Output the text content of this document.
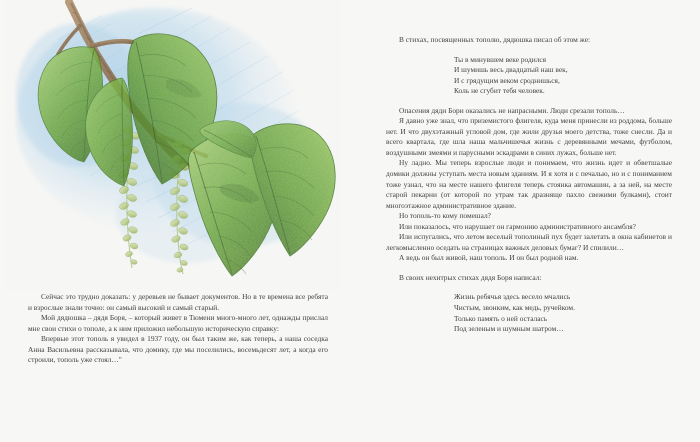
Сейчас это трудно доказать: у деревьев не бывает документов. Но в те времена все ребята и взрослые знали точно: он самый высокий и самый старый.

Мой дядюшка – дядя Боря, – который живет в Тюмени много-много лет, однажды прислал мне свои стихи о тополе, а к ним приложил небольшую историческую справку:

Впервые этот тополь я увидел в 1937 году, он был таким же, как теперь, а наша соседка Анна Васильевна рассказывала, что домику, где мы поселились, восемьдесят лет, а когда его строили, тополь уже стоял…"

В стихах, посвященных тополю, дядюшка писал об этом же:

Ты в минувшем веке родился
И шумишь весь двадцатый наш век,
И с грядущим веком сроднишься,
Коль не сгубит тебя человек.

Опасения дяди Бори оказались не напрасными. Люди срезали тополь…

Я давно уже знал, что приземистого флигеля, куда меня принесли из роддома, больше нет. И что двухэтажный угловой дом, где жили друзья моего детства, тоже снесли. Да и всего квартала, где шла наша мальчишечья жизнь с деревянными мечами, футболом, воздушными змеями и парусными эскадрами в синих лужах, больше нет.

Ну ладно. Мы теперь взрослые люди и понимаем, что жизнь идет и обветшалые домики должны уступать места новым зданиям. И я хотя и с печалью, но и с пониманием тоже узнал, что на месте нашего флигеля теперь стоянка автомашин, а за ней, на месте старой пекарни (от которой по утрам так дразняще пахло свежими булками), стоит многоэтажное административное здание.

Но тополь-то кому помешал?

Или показалось, что нарушает он гармонию административного ансамбля?

Или испугались, что летом веселый тополиный пух будет залетать в окна кабинетов и легкомысленно оседать на страницах важных деловых бумаг? И спилили…

А ведь он был живой, наш тополь. И он был родной нам.

В своих нехитрых стихах дядя Боря написал:

Жизнь ребячья здесь весело мчались
Чистым, звонким, как медь, ручейком.
Только память о ней осталась
Под зеленым и шумным шатром…
